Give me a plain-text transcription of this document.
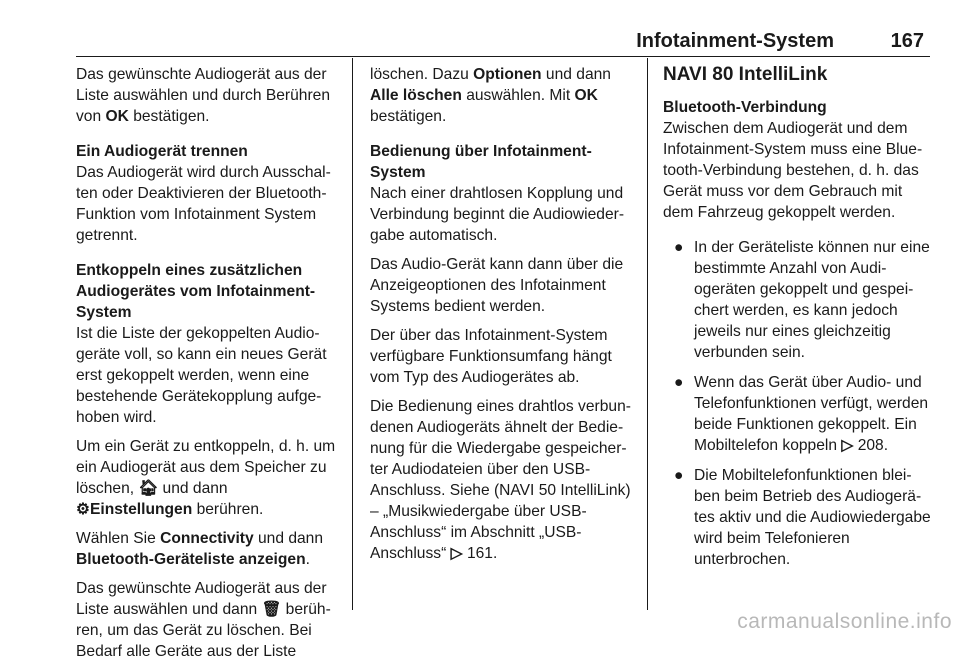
Infotainment-System	167

Das gewünschte Audiogerät aus der Liste auswählen und durch Berühren von OK bestätigen.

Ein Audiogerät trennen

Das Audiogerät wird durch Ausschalten oder Deaktivieren der Bluetooth-Funktion vom Infotainment System getrennt.

Entkoppeln eines zusätzlichen Audiogerätes vom Infotainment-System

Ist die Liste der gekoppelten Audiogeräte voll, so kann ein neues Gerät erst gekoppelt werden, wenn eine bestehende Gerätekopplung aufgehoben wird.

Um ein Gerät zu entkoppeln, d. h. um ein Audiogerät aus dem Speicher zu löschen, 🏠︎ und dann
⚙Einstellungen berühren.

Wählen Sie Connectivity und dann Bluetooth-Geräteliste anzeigen.

Das gewünschte Audiogerät aus der Liste auswählen und dann 🗑︎ berühren, um das Gerät zu löschen. Bei Bedarf alle Geräte aus der Liste

löschen. Dazu Optionen und dann Alle löschen auswählen. Mit OK bestätigen.

Bedienung über Infotainment-System

Nach einer drahtlosen Kopplung und Verbindung beginnt die Audiowiedergabe automatisch.

Das Audio-Gerät kann dann über die Anzeigeoptionen des Infotainment Systems bedient werden.

Der über das Infotainment-System verfügbare Funktionsumfang hängt vom Typ des Audiogerätes ab.

Die Bedienung eines drahtlos verbundenen Audiogeräts ähnelt der Bedienung für die Wiedergabe gespeicherter Audiodateien über den USB-Anschluss. Siehe (NAVI 50 IntelliLink) – „Musikwiedergabe über USB-Anschluss“ im Abschnitt „USB-Anschluss“ ▷ 161.

NAVI 80 IntelliLink
Bluetooth-Verbindung

Zwischen dem Audiogerät und dem Infotainment-System muss eine Bluetooth-Verbindung bestehen, d. h. das Gerät muss vor dem Gebrauch mit dem Fahrzeug gekoppelt werden.

● In der Geräteliste können nur eine bestimmte Anzahl von Audiogeräten gekoppelt und gespeichert werden, es kann jedoch jeweils nur eines gleichzeitig verbunden sein.
● Wenn das Gerät über Audio- und Telefonfunktionen verfügt, werden beide Funktionen gekoppelt. Ein Mobiltelefon koppeln ▷ 208.
● Die Mobiltelefonfunktionen bleiben beim Betrieb des Audiogerätes aktiv und die Audiowiedergabe wird beim Telefonieren unterbrochen.
carmanualsonline.info
